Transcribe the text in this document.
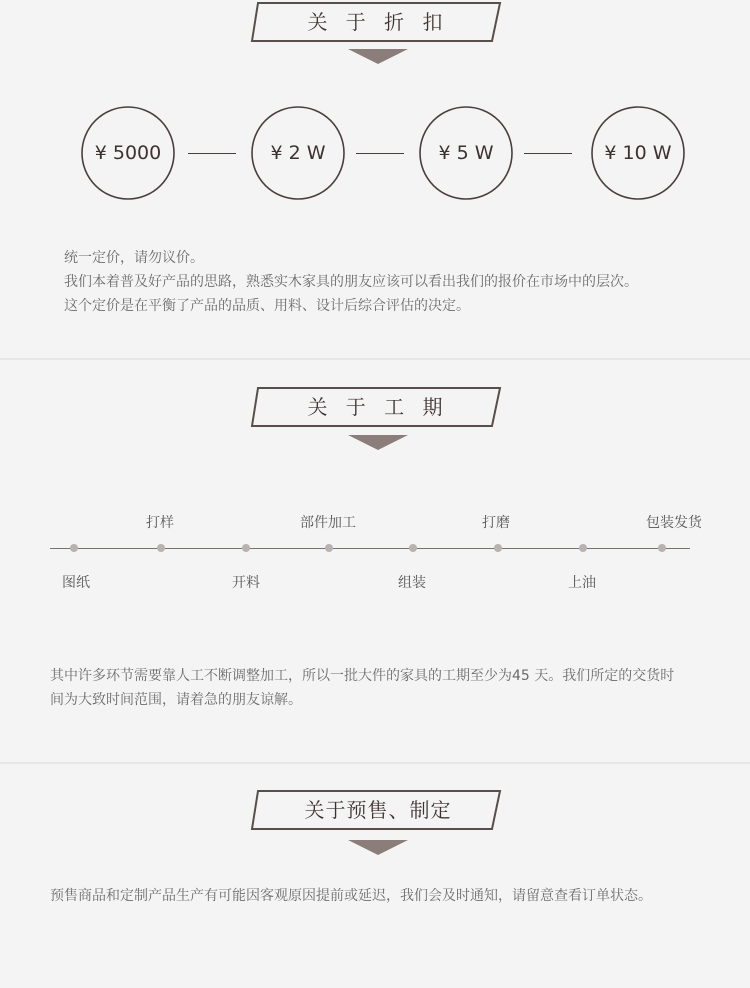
关 于 折 扣
¥ 5000	¥ 2 W	¥ 5 W	¥ 10 W
统一定价，请勿议价。
我们本着普及好产品的思路，熟悉实木家具的朋友应该可以看出我们的报价在市场中的层次。
这个定价是在平衡了产品的品质、用料、设计后综合评估的决定。
关 于 工 期
打样	部件加工	打磨	包装发货
图纸	开料	组装	上油
其中许多环节需要靠人工不断调整加工，所以一批大件的家具的工期至少为45 天。我们所定的交货时
间为大致时间范围，请着急的朋友谅解。
关于预售、制定
预售商品和定制产品生产有可能因客观原因提前或延迟，我们会及时通知，请留意查看订单状态。
